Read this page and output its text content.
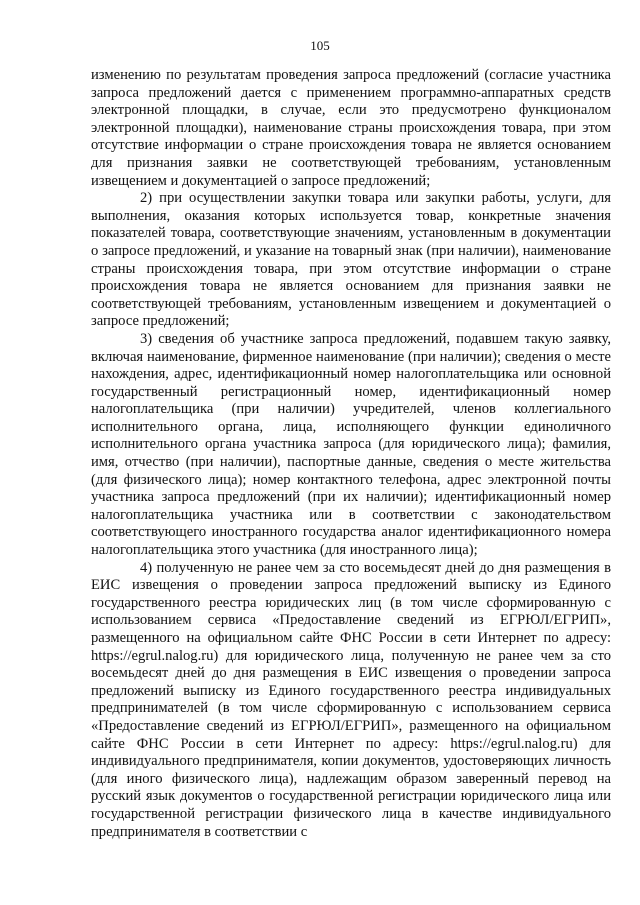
105

изменению по результатам проведения запроса предложений (согласие участника запроса предложений дается с применением программно-аппаратных средств электронной площадки, в случае, если это предусмотрено функционалом электронной площадки), наименование страны происхождения товара, при этом отсутствие информации о стране происхождения товара не является основанием для признания заявки не соответствующей требованиям, установленным извещением и документацией о запросе предложений;

2) при осуществлении закупки товара или закупки работы, услуги, для выполнения, оказания которых используется товар, конкретные значения показателей товара, соответствующие значениям, установленным в документации о запросе предложений, и указание на товарный знак (при наличии), наименование страны происхождения товара, при этом отсутствие информации о стране происхождения товара не является основанием для признания заявки не соответствующей требованиям, установленным извещением и документацией о запросе предложений;

3) сведения об участнике запроса предложений, подавшем такую заявку, включая наименование, фирменное наименование (при наличии); сведения о месте нахождения, адрес, идентификационный номер налогоплательщика или основной государственный регистрационный номер, идентификационный номер налогоплательщика (при наличии) учредителей, членов коллегиального исполнительного органа, лица, исполняющего функции единоличного исполнительного органа участника запроса (для юридического лица); фамилия, имя, отчество (при наличии), паспортные данные, сведения о месте жительства (для физического лица); номер контактного телефона, адрес электронной почты участника запроса предложений (при их наличии); идентификационный номер налогоплательщика участника или в соответствии с законодательством соответствующего иностранного государства аналог идентификационного номера налогоплательщика этого участника (для иностранного лица);

4) полученную не ранее чем за сто восемьдесят дней до дня размещения в ЕИС извещения о проведении запроса предложений выписку из Единого государственного реестра юридических лиц (в том числе сформированную с использованием сервиса «Предоставление сведений из ЕГРЮЛ/ЕГРИП», размещенного на официальном сайте ФНС России в сети Интернет по адресу: https://egrul.nalog.ru) для юридического лица, полученную не ранее чем за сто восемьдесят дней до дня размещения в ЕИС извещения о проведении запроса предложений выписку из Единого государственного реестра индивидуальных предпринимателей (в том числе сформированную с использованием сервиса «Предоставление сведений из ЕГРЮЛ/ЕГРИП», размещенного на официальном сайте ФНС России в сети Интернет по адресу: https://egrul.nalog.ru) для индивидуального предпринимателя, копии документов, удостоверяющих личность (для иного физического лица), надлежащим образом заверенный перевод на русский язык документов о государственной регистрации юридического лица или государственной регистрации физического лица в качестве индивидуального предпринимателя в соответствии с
